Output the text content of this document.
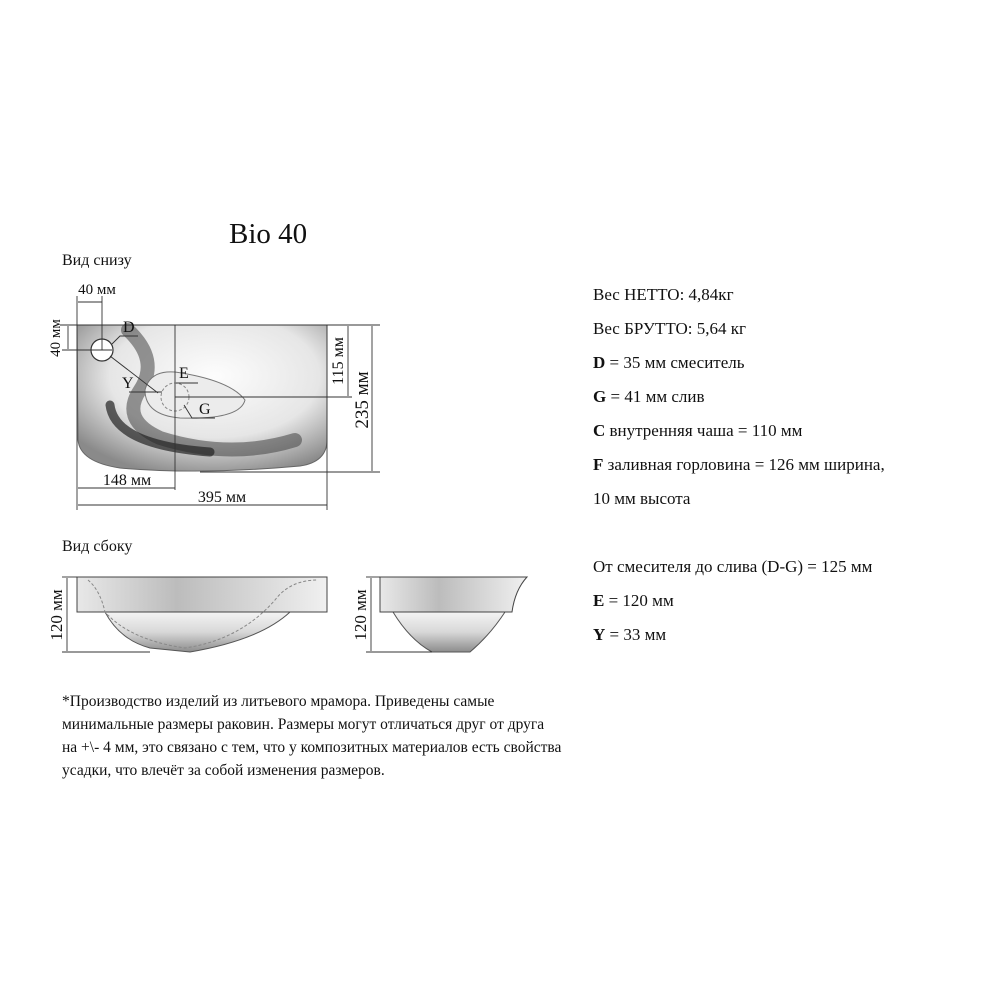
Bio 40
Вид снизу
Вид сбоку
40 мм
40 мм
148 мм
395 мм
115 мм
235 мм
D
E
Y
G
120 мм	120 мм
Вес НЕТТО: 4,84кг
Вес БРУТТО: 5,64 кг
D = 35 мм смеситель
G = 41 мм слив
C внутренняя чаша = 110 мм
F заливная горловина = 126 мм ширина,
10 мм высота
От смесителя до слива (D-G) = 125 мм
E = 120 мм
Y = 33 мм
*Производство изделий из литьевого мрамора. Приведены самые минимальные размеры раковин. Размеры могут отличаться друг от друга на +\- 4 мм, это связано с тем, что у композитных материалов есть свойства усадки, что влечёт за собой изменения размеров.
